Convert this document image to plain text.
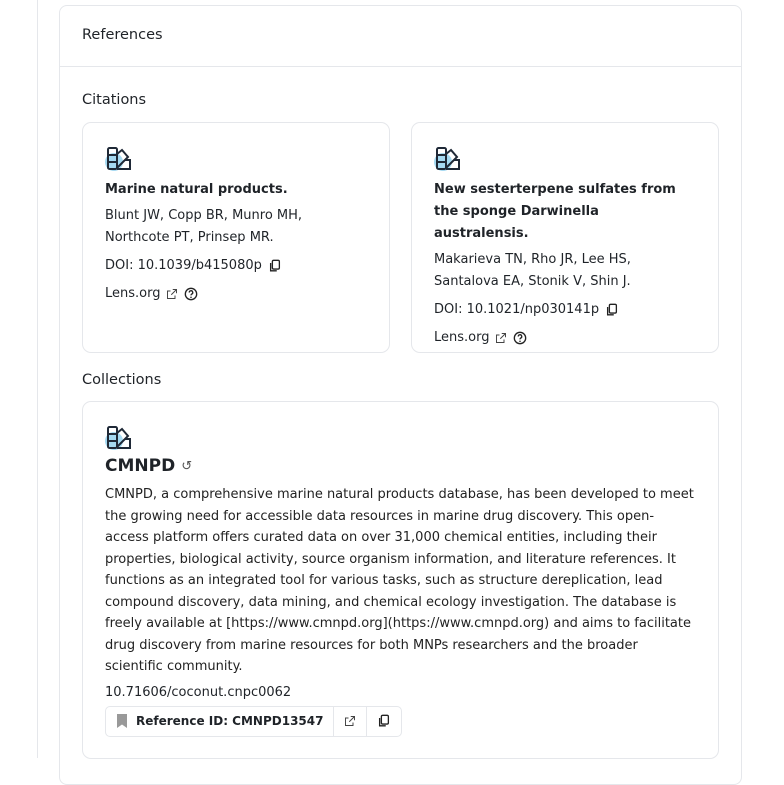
References
Citations
Marine natural products.
Blunt JW, Copp BR, Munro MH, Northcote PT, Prinsep MR.
DOI: 10.1039/b415080p
Lens.org
New sesterterpene sulfates from the sponge Darwinella australensis.
Makarieva TN, Rho JR, Lee HS, Santalova EA, Stonik V, Shin J.
DOI: 10.1021/np030141p
Lens.org
Collections
CMNPD ↺
CMNPD, a comprehensive marine natural products database, has been developed to meet the growing need for accessible data resources in marine drug discovery. This open-access platform offers curated data on over 31,000 chemical entities, including their properties, biological activity, source organism information, and literature references. It functions as an integrated tool for various tasks, such as structure dereplication, lead compound discovery, data mining, and chemical ecology investigation. The database is freely available at [https://www.cmnpd.org](https://www.cmnpd.org) and aims to facilitate drug discovery from marine resources for both MNPs researchers and the broader scientific community.
10.71606/coconut.cnpc0062
Reference ID: CMNPD13547
